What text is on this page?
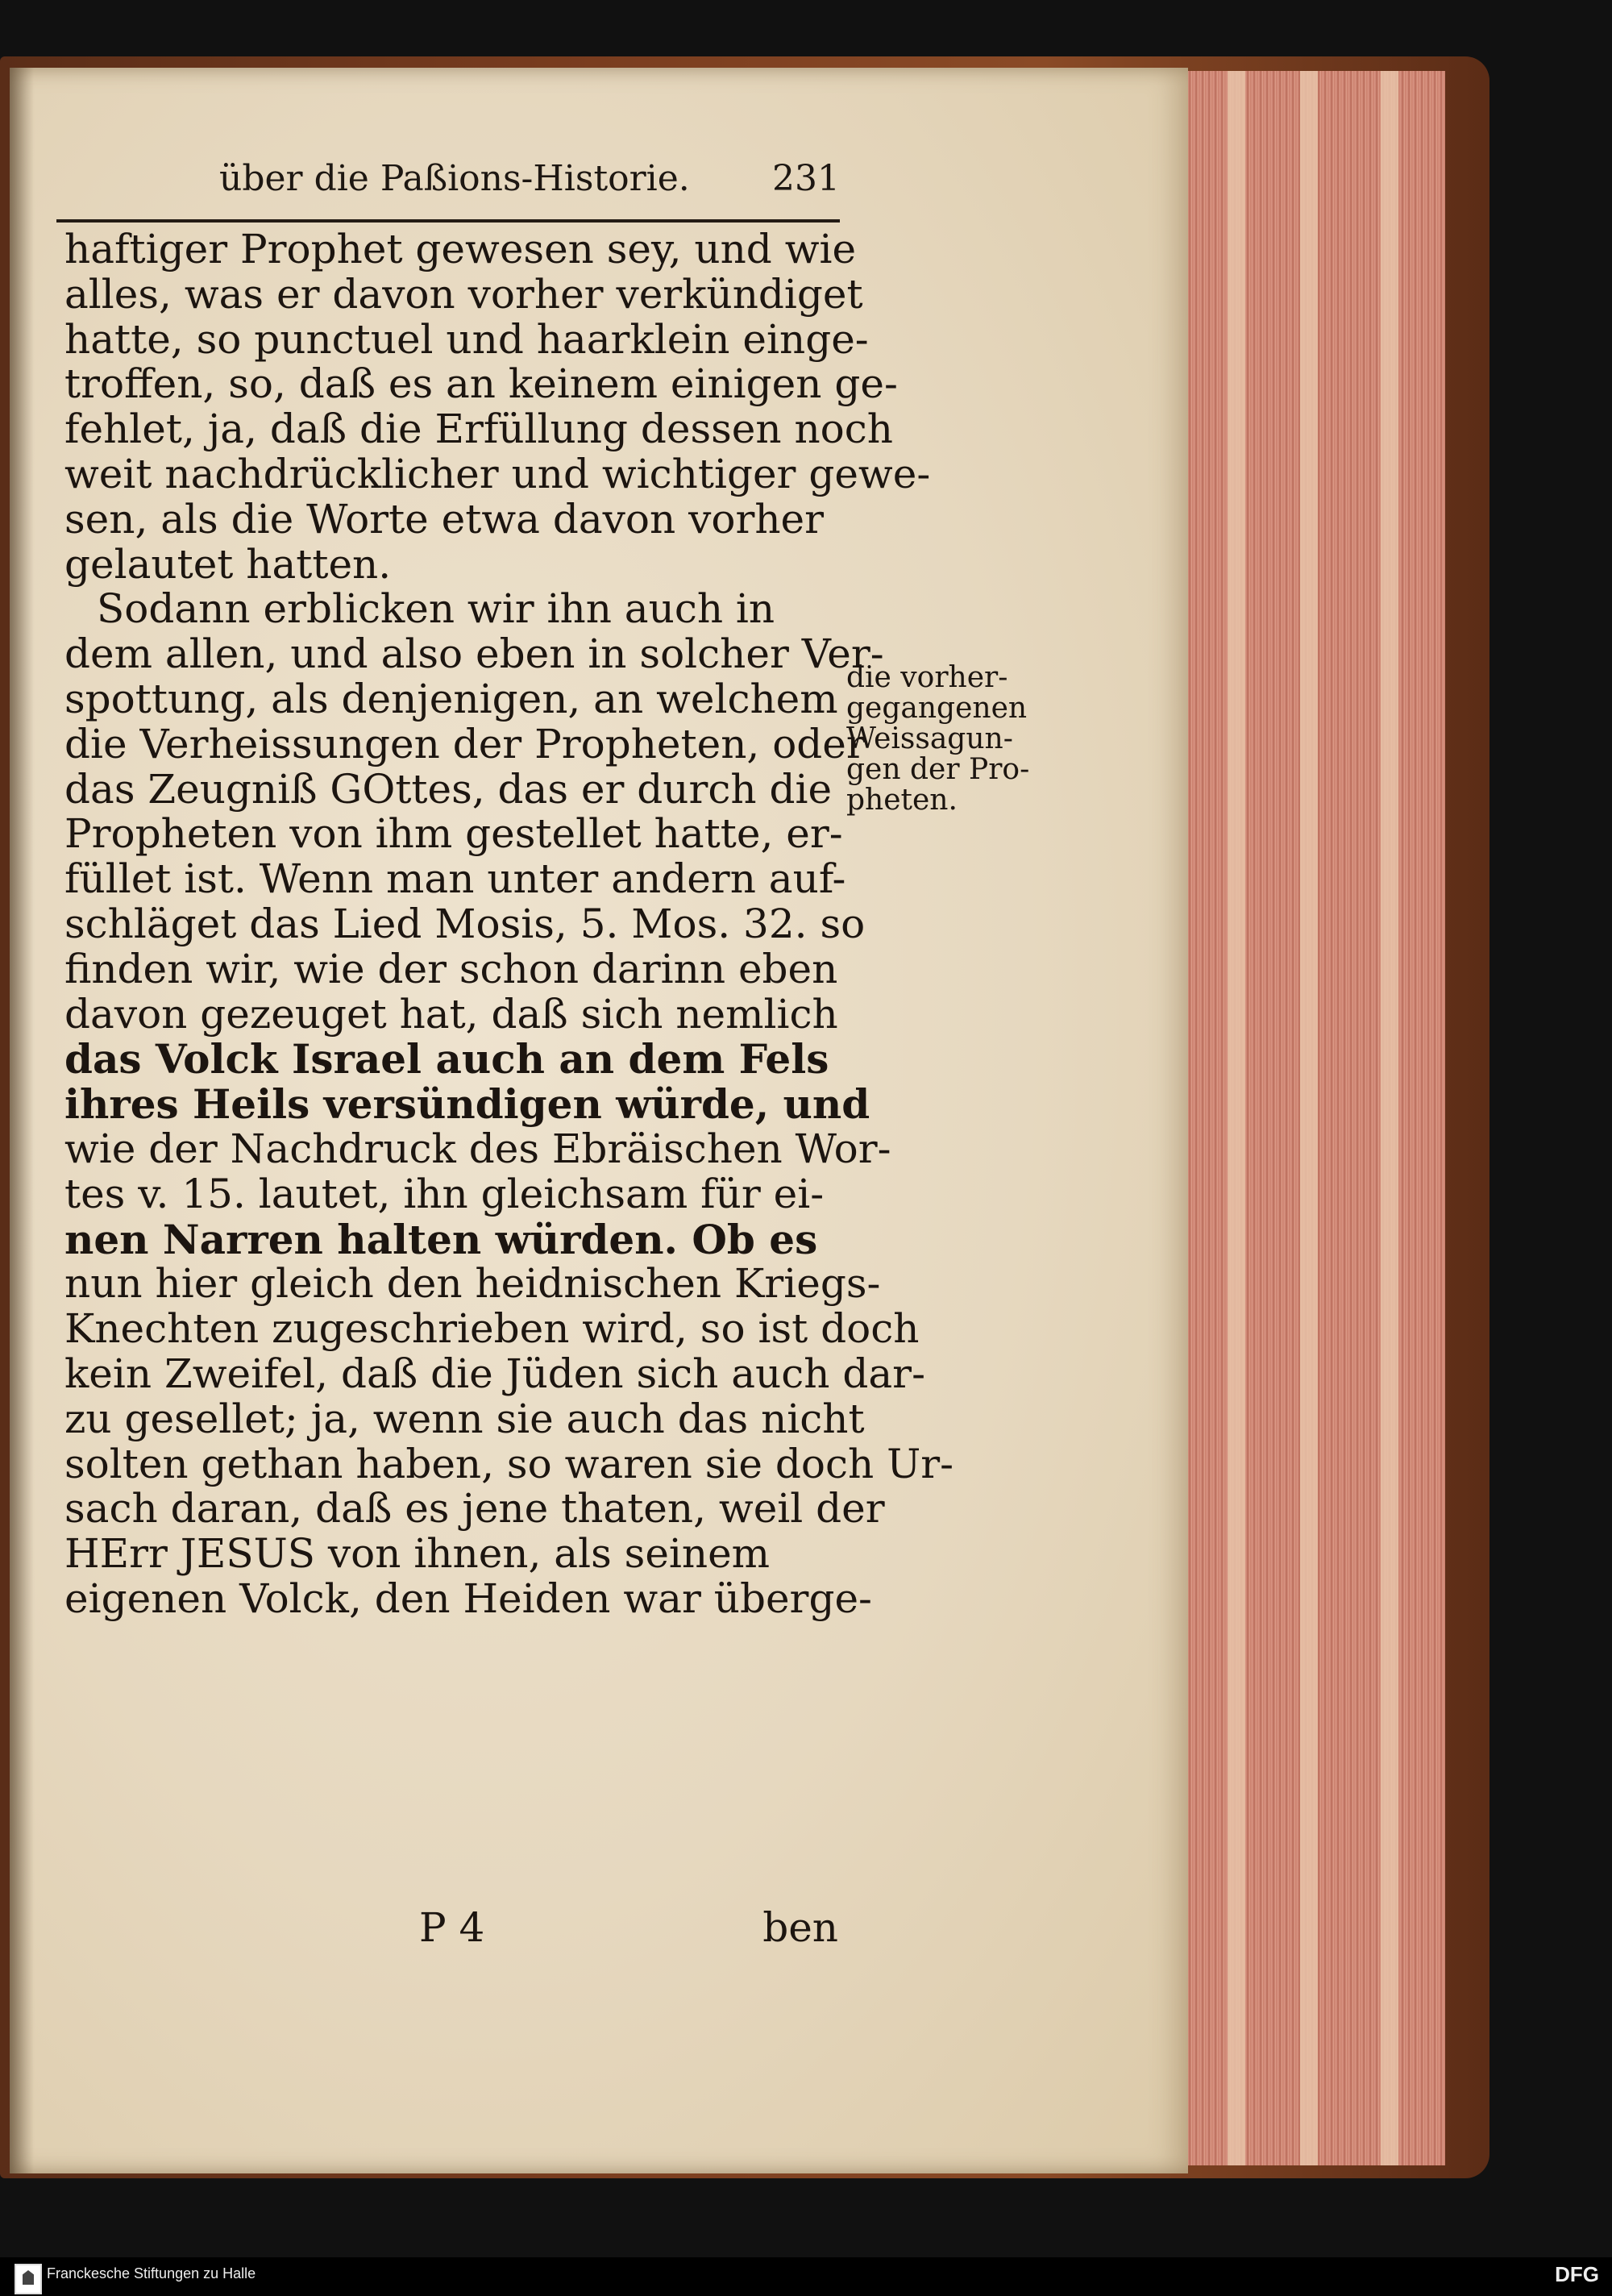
über die Paßions-Historie. 231
haftiger Prophet gewesen sey, und wie
alles, was er davon vorher verkündiget
hatte, so punctuel und haarklein einge-
troffen, so, daß es an keinem einigen ge-
fehlet, ja, daß die Erfüllung dessen noch
weit nachdrücklicher und wichtiger gewe-
sen, als die Worte etwa davon vorher
gelautet hatten.
Sodann erblicken wir ihn auch in
dem allen, und also eben in solcher Ver-
spottung, als denjenigen, an welchem
die Verheissungen der Propheten, oder
das Zeugniß GOttes, das er durch die
Propheten von ihm gestellet hatte, er-
füllet ist. Wenn man unter andern auf-
schläget das Lied Mosis, 5. Mos. 32. so
finden wir, wie der schon darinn eben
davon gezeuget hat, daß sich nemlich
das Volck Israel auch an dem Fels
ihres Heils versündigen würde, und
wie der Nachdruck des Ebräischen Wor-
tes v. 15. lautet, ihn gleichsam für ei-
nen Narren halten würden. Ob es
nun hier gleich den heidnischen Kriegs-
Knechten zugeschrieben wird, so ist doch
kein Zweifel, daß die Jüden sich auch dar-
zu gesellet; ja, wenn sie auch das nicht
solten gethan haben, so waren sie doch Ur-
sach daran, daß es jene thaten, weil der
HErr JESUS von ihnen, als seinem
eigenen Volck, den Heiden war überge-
die vorher-
gegangenen
Weissagun-
gen der Pro-
pheten.
P 4	ben
Franckesche Stiftungen zu Halle	DFG
